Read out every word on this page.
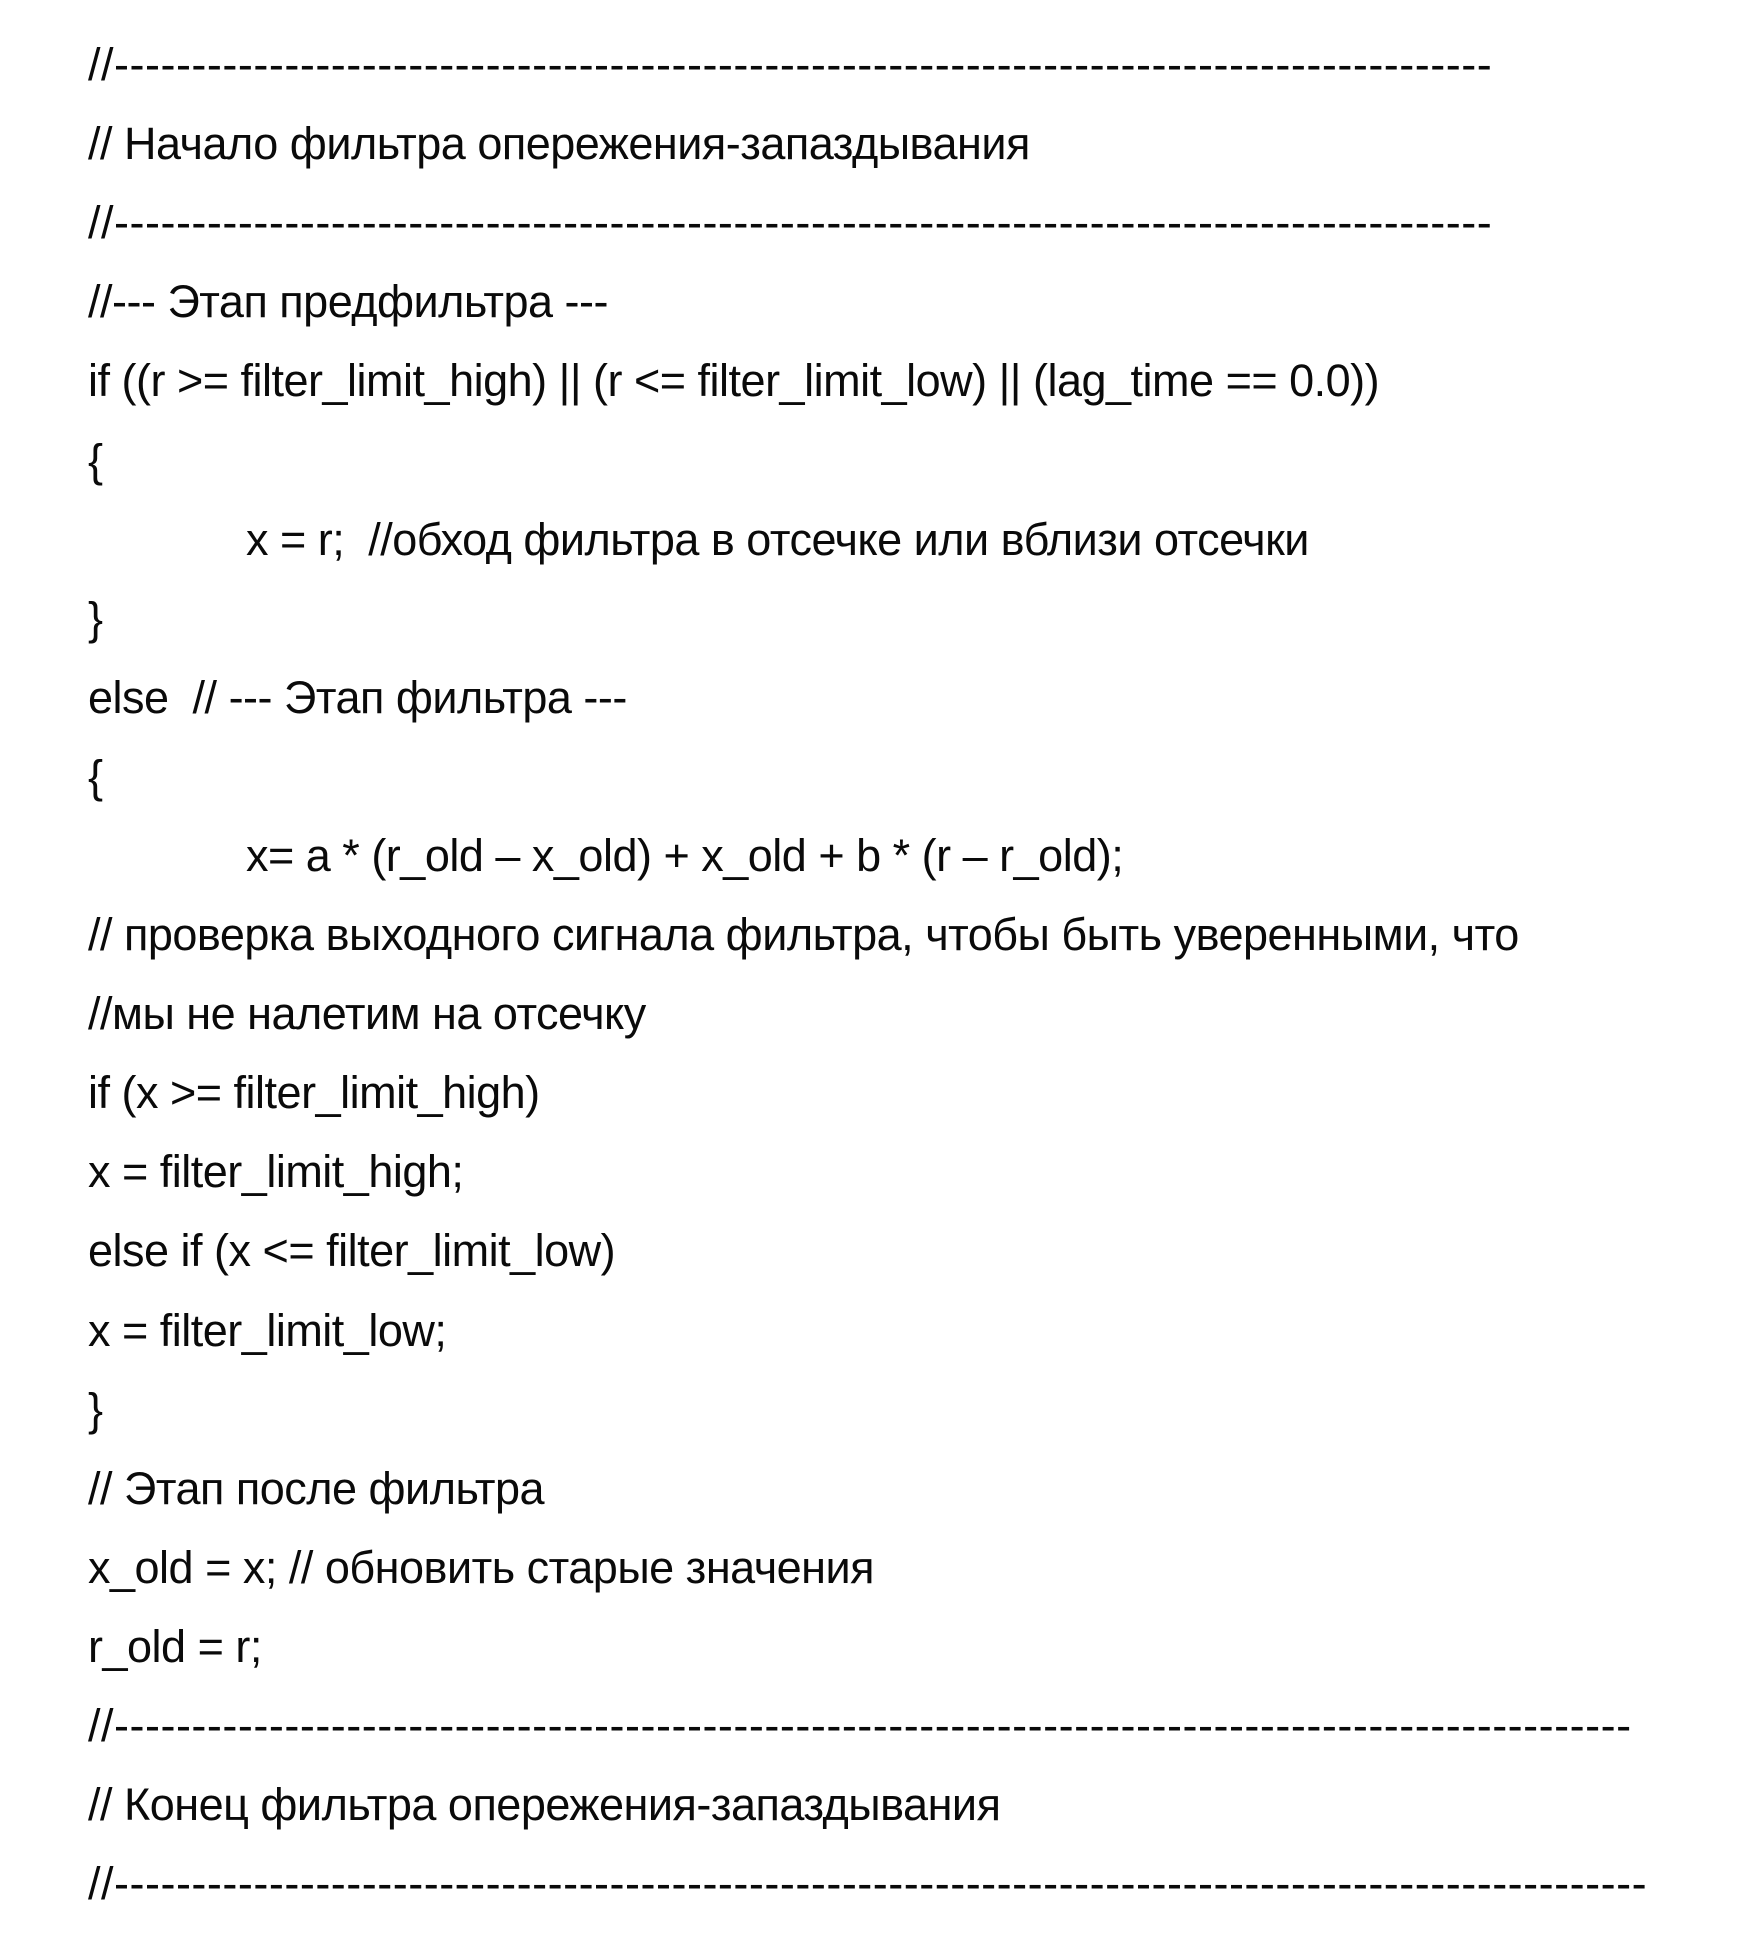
//-----------------------------------------------------------------------------------------
// Начало фильтра опережения-запаздывания
//-----------------------------------------------------------------------------------------
//--- Этап предфильтра ---
if ((r >= filter_limit_high) || (r <= filter_limit_low) || (lag_time == 0.0))
{
x = r;  //обход фильтра в отсечке или вблизи отсечки
}
else  // --- Этап фильтра ---
{
x= a * (r_old – x_old) + x_old + b * (r – r_old);
// проверка выходного сигнала фильтра, чтобы быть уверенными, что
//мы не налетим на отсечку
if (x >= filter_limit_high)
x = filter_limit_high;
else if (x <= filter_limit_low)
x = filter_limit_low;
}
// Этап после фильтра
x_old = x; // обновить старые значения
r_old = r;
//--------------------------------------------------------------------------------------------------
// Конец фильтра опережения-запаздывания
//---------------------------------------------------------------------------------------------------
